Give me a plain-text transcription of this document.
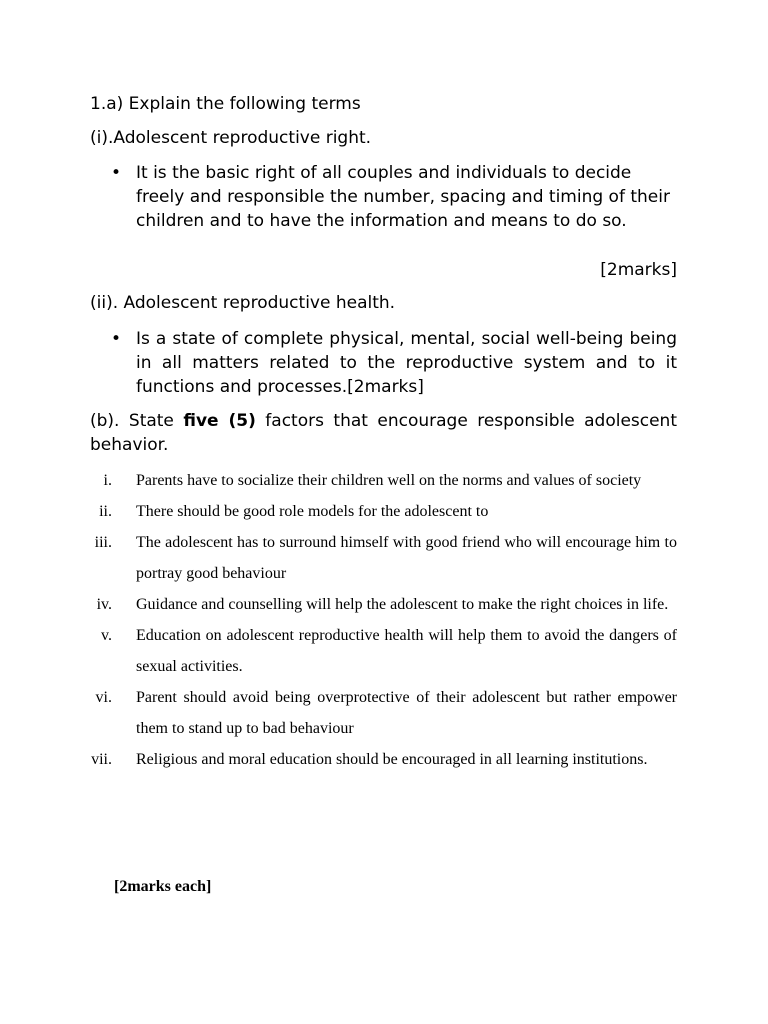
1.a) Explain the following terms
(i).Adolescent reproductive right.
• It is the basic right of all couples and individuals to decide freely and responsible the number, spacing and timing of their children and to have the information and means to do so.
[2marks]
(ii). Adolescent reproductive health.
• Is a state of complete physical, mental, social well-being being in all matters related to the reproductive system and to it functions and processes.[2marks]
(b). State five (5) factors that encourage responsible adolescent behavior.
i. Parents have to socialize their children well on the norms and values of society
ii. There should be good role models for the adolescent to
iii. The adolescent has to surround himself with good friend who will encourage him to portray good behaviour
iv. Guidance and counselling will help the adolescent to make the right choices in life.
v. Education on adolescent reproductive health will help them to avoid the dangers of sexual activities.
vi. Parent should avoid being overprotective of their adolescent but rather empower them to stand up to bad behaviour
vii. Religious and moral education should be encouraged in all learning institutions.
[2marks each]
